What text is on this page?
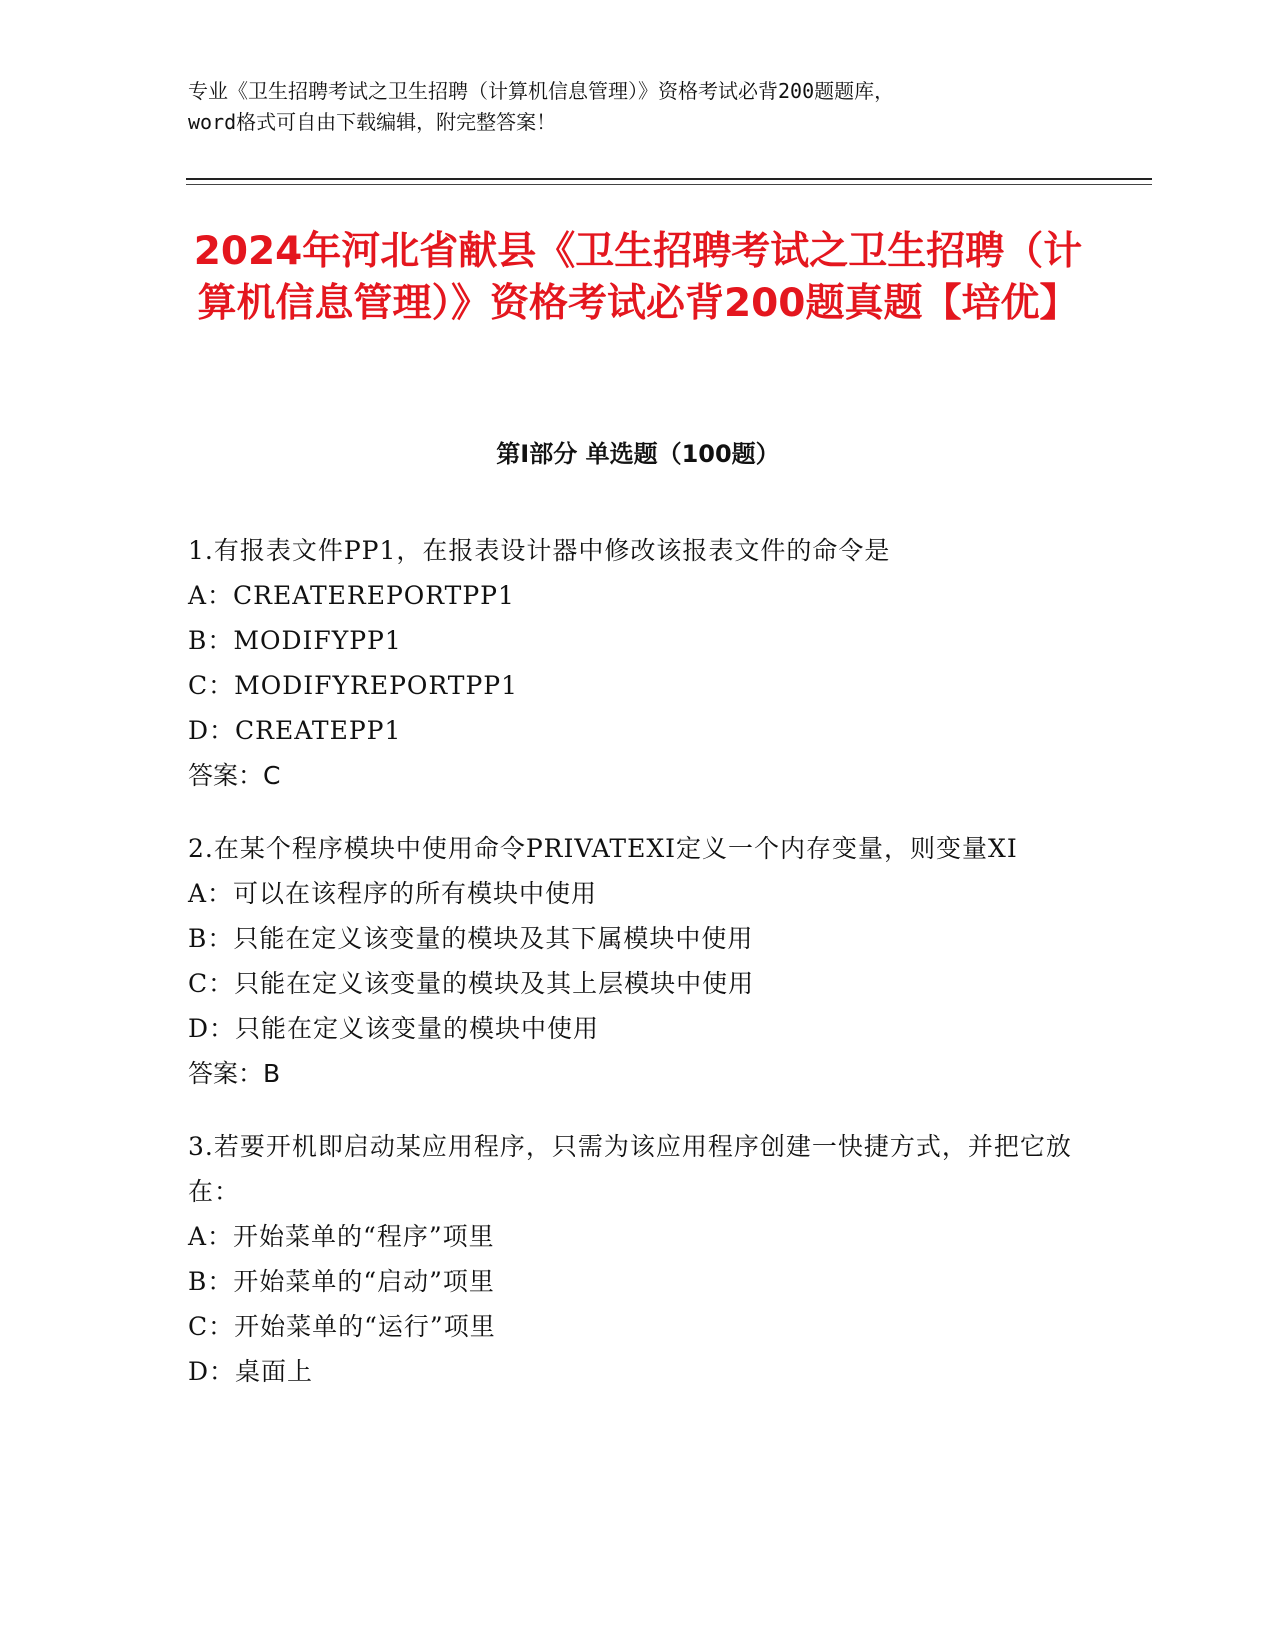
专业《卫生招聘考试之卫生招聘（计算机信息管理）》资格考试必背200题题库，
word格式可自由下载编辑，附完整答案！
2024年河北省献县《卫生招聘考试之卫生招聘（计算机信息管理）》资格考试必背200题真题【培优】
第I部分 单选题（100题）
1.有报表文件PP1，在报表设计器中修改该报表文件的命令是
A：CREATEREPORTPP1
B：MODIFYPP1
C：MODIFYREPORTPP1
D：CREATEPP1
答案：C
2.在某个程序模块中使用命令PRIVATEXI定义一个内存变量，则变量XI
A：可以在该程序的所有模块中使用
B：只能在定义该变量的模块及其下属模块中使用
C：只能在定义该变量的模块及其上层模块中使用
D：只能在定义该变量的模块中使用
答案：B
3.若要开机即启动某应用程序，只需为该应用程序创建一快捷方式，并把它放在：
A：开始菜单的“程序”项里
B：开始菜单的“启动”项里
C：开始菜单的“运行”项里
D：桌面上
